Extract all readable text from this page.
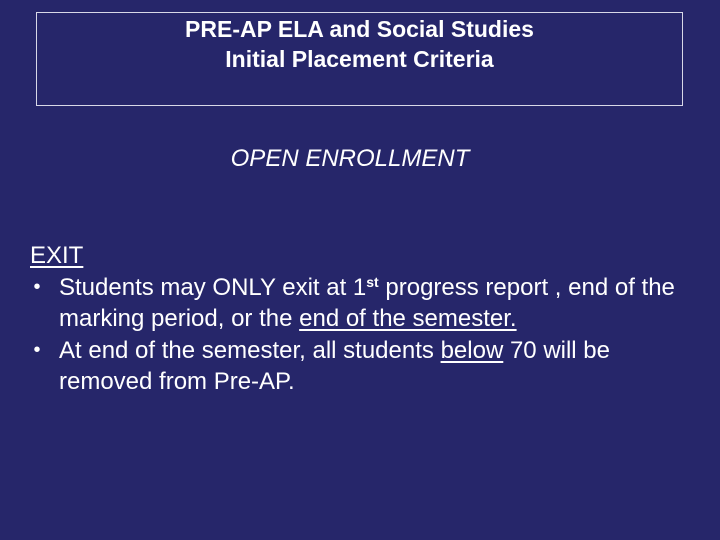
PRE-AP ELA and Social Studies
Initial Placement Criteria
OPEN ENROLLMENT
EXIT
• Students may ONLY exit at 1st progress report , end of the marking period, or the end of the semester.
• At end of the semester, all students below 70 will be removed from Pre-AP.
